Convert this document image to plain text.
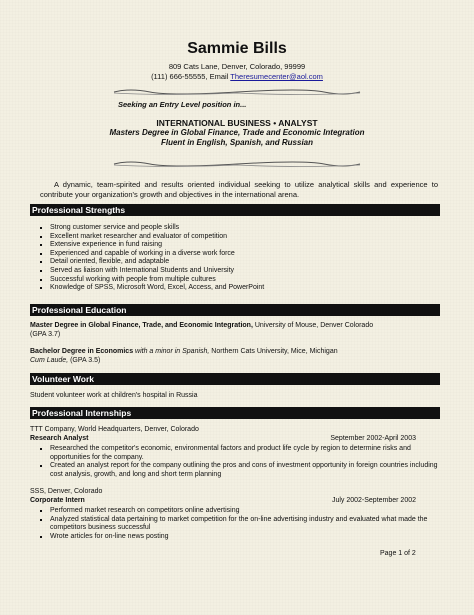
Sammie Bills
809 Cats Lane, Denver, Colorado, 99999
(111) 666-55555, Email Theresumecenter@aol.com
Seeking an Entry Level position in...
INTERNATIONAL BUSINESS • ANALYST
Masters Degree in Global Finance, Trade and Economic Integration
Fluent in English, Spanish, and Russian
A dynamic, team-spirited and results oriented individual seeking to utilize analytical skills and experience to contribute your organization's growth and objectives in the international arena.
Professional Strengths
▪ Strong customer service and people skills
▪ Excellent market researcher and evaluator of competition
▪ Extensive experience in fund raising
▪ Experienced and capable of working in a diverse work force
▪ Detail oriented, flexible, and adaptable
▪ Served as liaison with International Students and University
▪ Successful working with people from multiple cultures
▪ Knowledge of SPSS, Microsoft Word, Excel, Access, and PowerPoint
Professional Education
Master Degree in Global Finance, Trade, and Economic Integration, University of Mouse, Denver Colorado
(GPA 3.7)
Bachelor Degree in Economics with a minor in Spanish, Northern Cats University, Mice, Michigan
Cum Laude, (GPA 3.5)
Volunteer Work
Student volunteer work at children's hospital in Russia
Professional Internships
TTT Company, World Headquarters, Denver, Colorado
Research Analyst	September 2002-April 2003
▪ Researched the competitor's economic, environmental factors and product life cycle by region to determine risks and opportunities for the company.
▪ Created an analyst report for the company outlining the pros and cons of investment opportunity in foreign countries including cost analysis, growth, and long and short term planning
SSS, Denver, Colorado
Corporate Intern	July 2002-September 2002
▪ Performed market research on competitors online advertising
▪ Analyzed statistical data pertaining to market competition for the on-line advertising industry and evaluated what made the competitors business successful
▪ Wrote articles for on-line news posting
Page 1 of 2
